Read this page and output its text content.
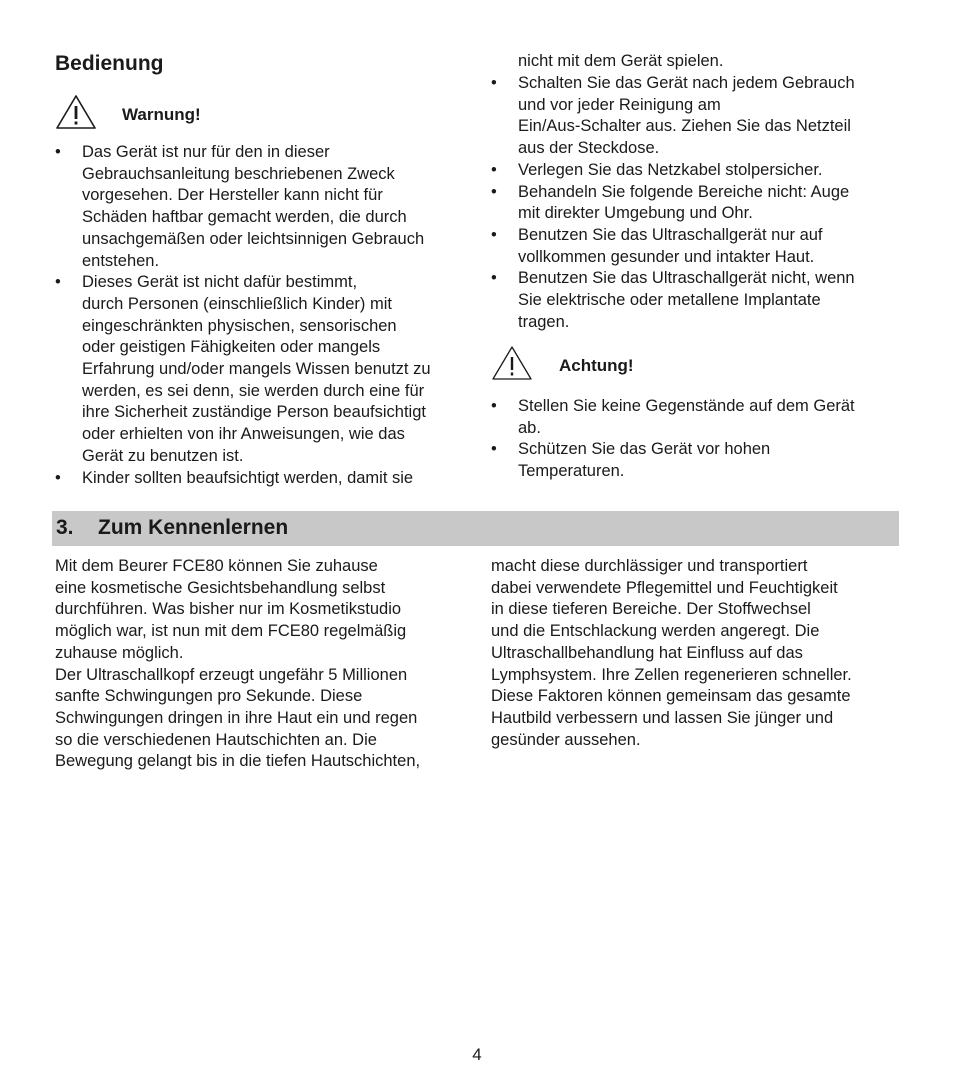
Bedienung
Warnung!
• Das Gerät ist nur für den in dieser
Gebrauchsanleitung beschriebenen Zweck
vorgesehen. Der Hersteller kann nicht für
Schäden haftbar gemacht werden, die durch
unsachgemäßen oder leichtsinnigen Gebrauch
entstehen.
• Dieses Gerät ist nicht dafür bestimmt,
durch Personen (einschließlich Kinder) mit
eingeschränkten physischen, sensorischen
oder geistigen Fähigkeiten oder mangels
Erfahrung und/oder mangels Wissen benutzt zu
werden, es sei denn, sie werden durch eine für
ihre Sicherheit zuständige Person beaufsichtigt
oder erhielten von ihr Anweisungen, wie das
Gerät zu benutzen ist.
• Kinder sollten beaufsichtigt werden, damit sie
nicht mit dem Gerät spielen.
• Schalten Sie das Gerät nach jedem Gebrauch
und vor jeder Reinigung am
Ein/Aus-Schalter aus. Ziehen Sie das Netzteil
aus der Steckdose.
• Verlegen Sie das Netzkabel stolpersicher.
• Behandeln Sie folgende Bereiche nicht: Auge
mit direkter Umgebung und Ohr.
• Benutzen Sie das Ultraschallgerät nur auf
vollkommen gesunder und intakter Haut.
• Benutzen Sie das Ultraschallgerät nicht, wenn
Sie elektrische oder metallene Implantate
tragen.
Achtung!
• Stellen Sie keine Gegenstände auf dem Gerät
ab.
• Schützen Sie das Gerät vor hohen
Temperaturen.
3. Zum Kennenlernen
Mit dem Beurer FCE80 können Sie zuhause
eine kosmetische Gesichtsbehandlung selbst
durchführen. Was bisher nur im Kosmetikstudio
möglich war, ist nun mit dem FCE80 regelmäßig
zuhause möglich.
Der Ultraschallkopf erzeugt ungefähr 5 Millionen
sanfte Schwingungen pro Sekunde. Diese
Schwingungen dringen in ihre Haut ein und regen
so die verschiedenen Hautschichten an. Die
Bewegung gelangt bis in die tiefen Hautschichten,
macht diese durchlässiger und transportiert
dabei verwendete Pflegemittel und Feuchtigkeit
in diese tieferen Bereiche. Der Stoffwechsel
und die Entschlackung werden angeregt. Die
Ultraschallbehandlung hat Einfluss auf das
Lymphsystem. Ihre Zellen regenerieren schneller.
Diese Faktoren können gemeinsam das gesamte
Hautbild verbessern und lassen Sie jünger und
gesünder aussehen.
4
